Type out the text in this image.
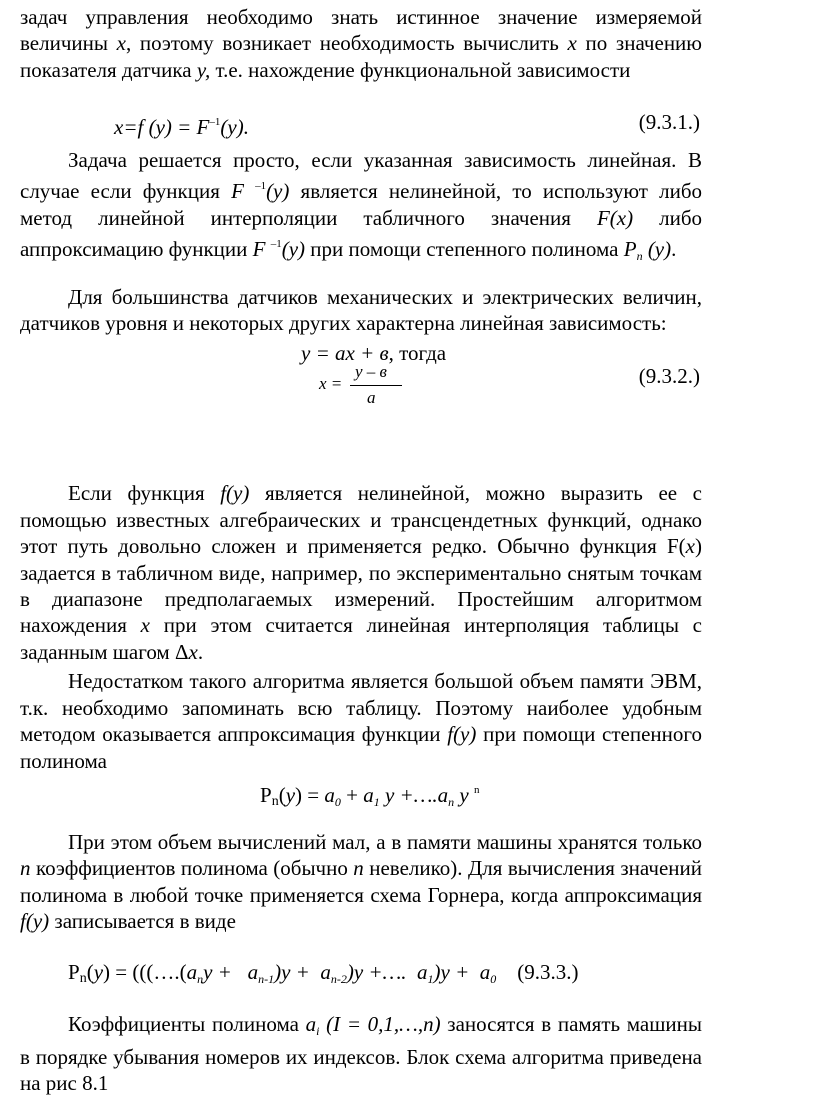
задач управления необходимо знать истинное значение измеряемой величины x, поэтому возникает необходимость вычислить x по значению показателя датчика y, т.е. нахождение функциональной зависимости

x=f $(y) = F^{-1}(y)$.	(9.3.1.)

Задача решается просто, если указанная зависимость линейная. В случае если функция F $^{-1}$(y) является нелинейной, то используют либо метод линейной интерполяции табличного значения F(x) либо аппроксимацию функции F $^{-1}$(y) при помощи степенного полинома $P_n$ (y).

Для большинства датчиков механических и электрических величин, датчиков уровня и некоторых других характерна линейная зависимость:

y = ax + в, тогда
x =
y – в
a
(9.3.2.)

Если функция f(y) является нелинейной, можно выразить ее с помощью известных алгебраических и трансцендетных функций, однако этот путь довольно сложен и применяется редко. Обычно функция F(x) задается в табличном виде, например, по экспериментально снятым точкам в диапазоне предполагаемых измерений. Простейшим алгоритмом нахождения x при этом считается линейная интерполяция таблицы с заданным шагом Δx.

Недостатком такого алгоритма является большой объем памяти ЭВМ, т.к. необходимо запоминать всю таблицу. Поэтому наиболее удобным методом оказывается аппроксимация функции f(y) при помощи степенного полинома

$Pn(y) = a_0 + a_1$ $y +\dots.a_n$ y $^n$

При этом объем вычислений мал, а в памяти машины хранятся только n коэффициентов полинома (обычно n невелико). Для вычисления значений полинома в любой точке применяется схема Горнера, когда аппроксимация f(y) записывается в виде

$Pn(y) = (((\dots.(a_ny + a_{n-1})y + a_{n-2})y$ +….  $a_1)y + a_0$ (9.3.3.)

Коэффициенты полинома $a_i$ (I = 0,1,…,n) заносятся в память машины в порядке убывания номеров их индексов. Блок схема алгоритма приведена на рис 8.1
